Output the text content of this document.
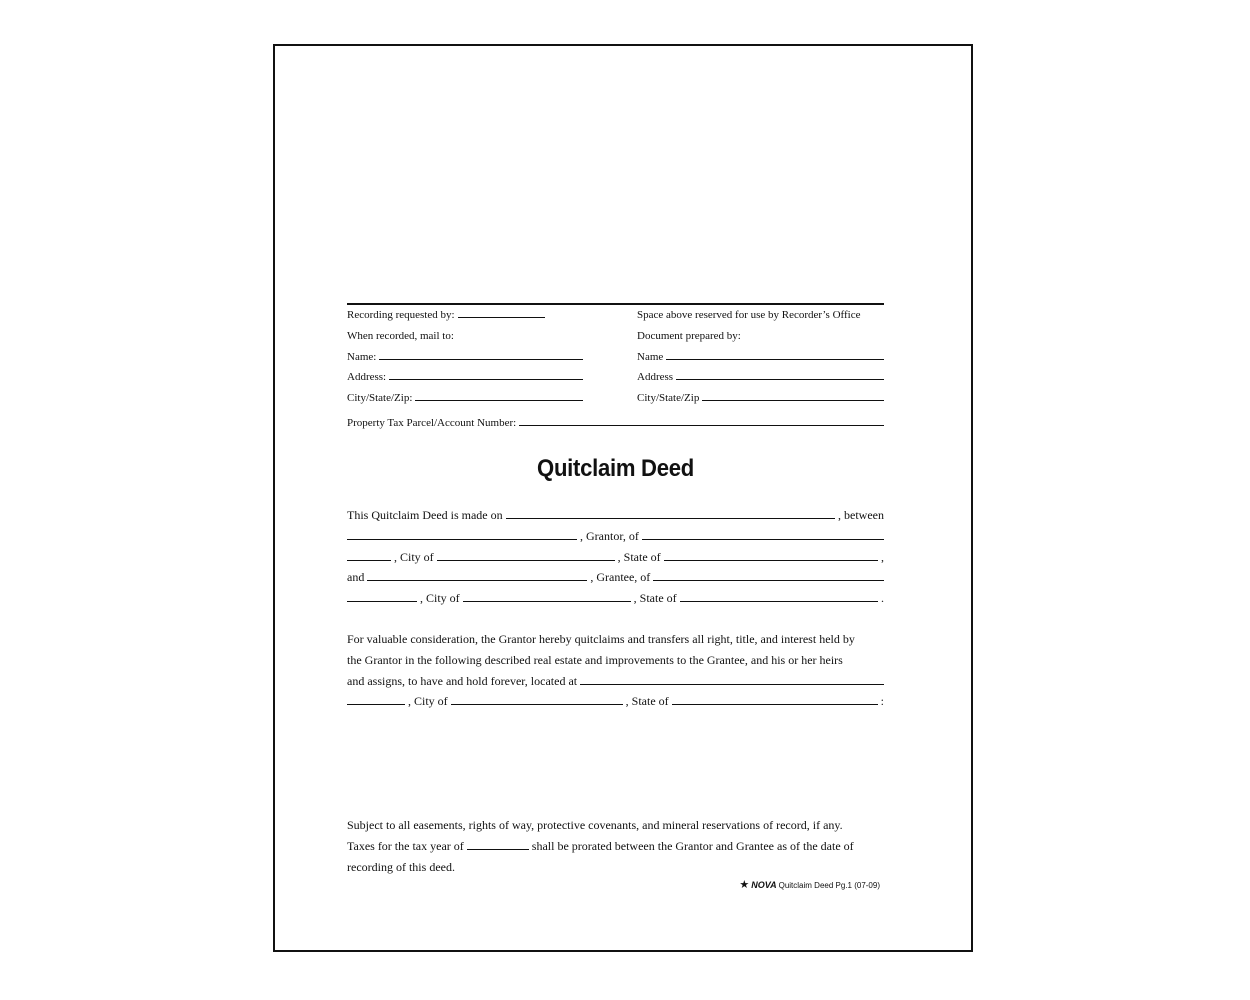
Recording requested by:	Space above reserved for use by Recorder’s Office
When recorded, mail to:	Document prepared by:
Name:	Name
Address:	Address
City/State/Zip:	City/State/Zip
Property Tax Parcel/Account Number:
Quitclaim Deed
This Quitclaim Deed is made on	, between
, Grantor, of
, City of	, State of	,
and	, Grantee, of
, City of	, State of	.

For valuable consideration, the Grantor hereby quitclaims and transfers all right, title, and interest held by

the Grantor in the following described real estate and improvements to the Grantee, and his or her heirs

and assigns, to have and hold forever, located at
, City of	, State of	:

Subject to all easements, rights of way, protective covenants, and mineral reservations of record, if any.

Taxes for the tax year of	shall be prorated between the Grantor and Grantee as of the date of

recording of this deed.

★ NOVA Quitclaim Deed Pg.1 (07-09)
